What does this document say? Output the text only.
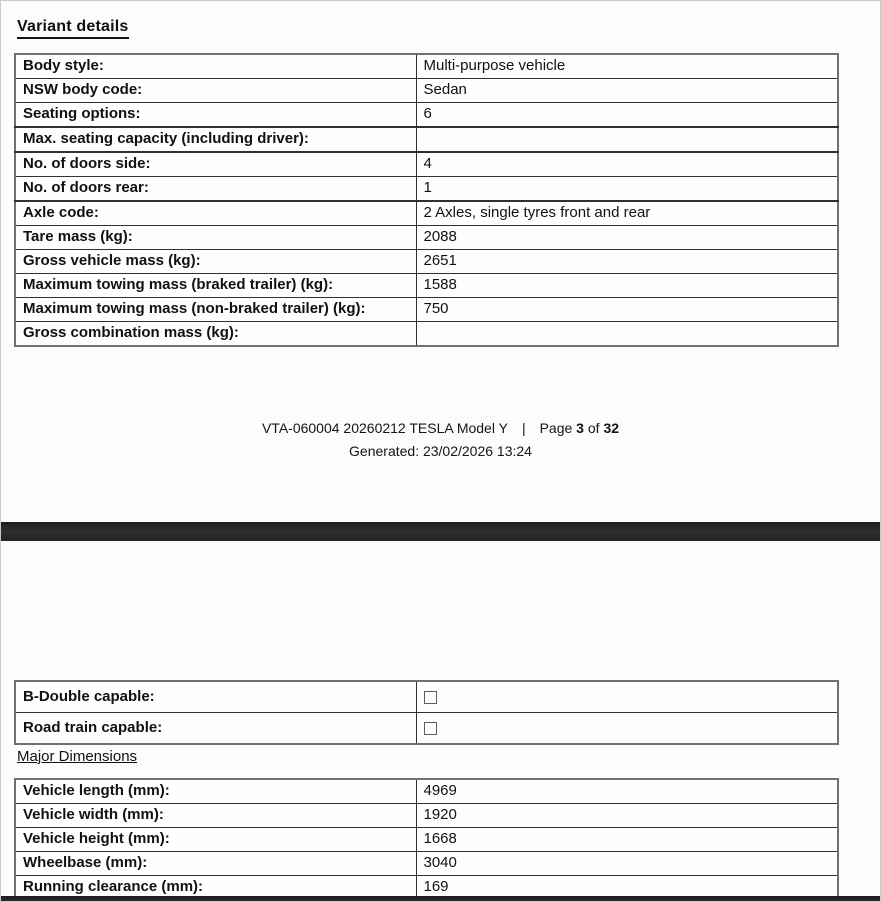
Variant details
Body style:	Multi-purpose vehicle
NSW body code:	Sedan
Seating options:	6
Max. seating capacity (including driver):	
No. of doors side:	4
No. of doors rear:	1
Axle code:	2 Axles, single tyres front and rear
Tare mass (kg):	2088
Gross vehicle mass (kg):	2651
Maximum towing mass (braked trailer) (kg):	1588
Maximum towing mass (non-braked trailer) (kg):	750
Gross combination mass (kg):	
VTA-060004 20260212 TESLA Model Y | Page 3 of 32
Generated: 23/02/2026 13:24
B-Double capable:	
Road train capable:	
Major Dimensions
Vehicle length (mm):	4969
Vehicle width (mm):	1920
Vehicle height (mm):	1668
Wheelbase (mm):	3040
Running clearance (mm):	169
